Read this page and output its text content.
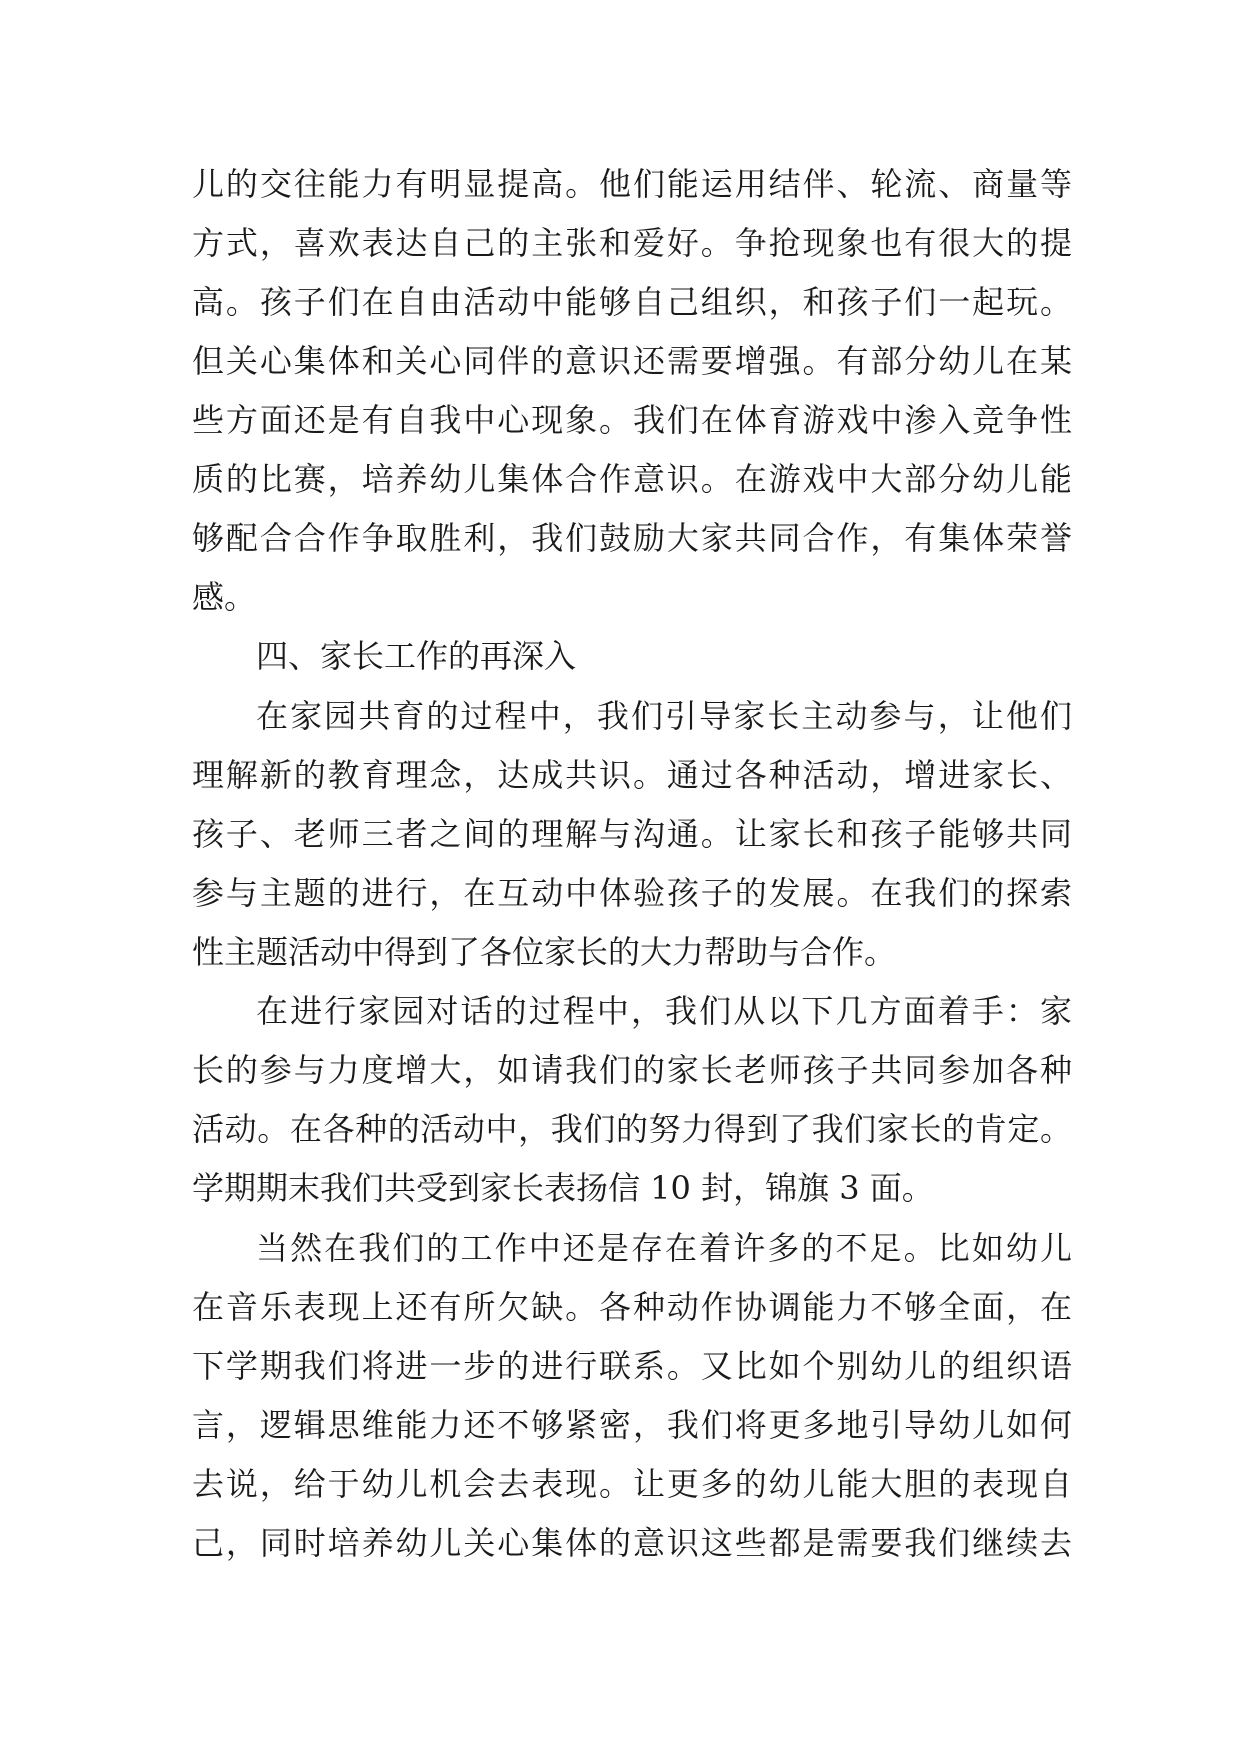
儿的交往能力有明显提高。他们能运用结伴、轮流、商量等
方式，喜欢表达自己的主张和爱好。争抢现象也有很大的提
高。孩子们在自由活动中能够自己组织，和孩子们一起玩。
但关心集体和关心同伴的意识还需要增强。有部分幼儿在某
些方面还是有自我中心现象。我们在体育游戏中渗入竞争性
质的比赛，培养幼儿集体合作意识。在游戏中大部分幼儿能
够配合合作争取胜利，我们鼓励大家共同合作，有集体荣誉
感。
四、家长工作的再深入
在家园共育的过程中，我们引导家长主动参与，让他们
理解新的教育理念，达成共识。通过各种活动，增进家长、
孩子、老师三者之间的理解与沟通。让家长和孩子能够共同
参与主题的进行，在互动中体验孩子的发展。在我们的探索
性主题活动中得到了各位家长的大力帮助与合作。
在进行家园对话的过程中，我们从以下几方面着手：家
长的参与力度增大，如请我们的家长老师孩子共同参加各种
活动。在各种的活动中，我们的努力得到了我们家长的肯定。
学期期末我们共受到家长表扬信 10 封，锦旗 3 面。
当然在我们的工作中还是存在着许多的不足。比如幼儿
在音乐表现上还有所欠缺。各种动作协调能力不够全面，在
下学期我们将进一步的进行联系。又比如个别幼儿的组织语
言，逻辑思维能力还不够紧密，我们将更多地引导幼儿如何
去说，给于幼儿机会去表现。让更多的幼儿能大胆的表现自
己，同时培养幼儿关心集体的意识这些都是需要我们继续去
